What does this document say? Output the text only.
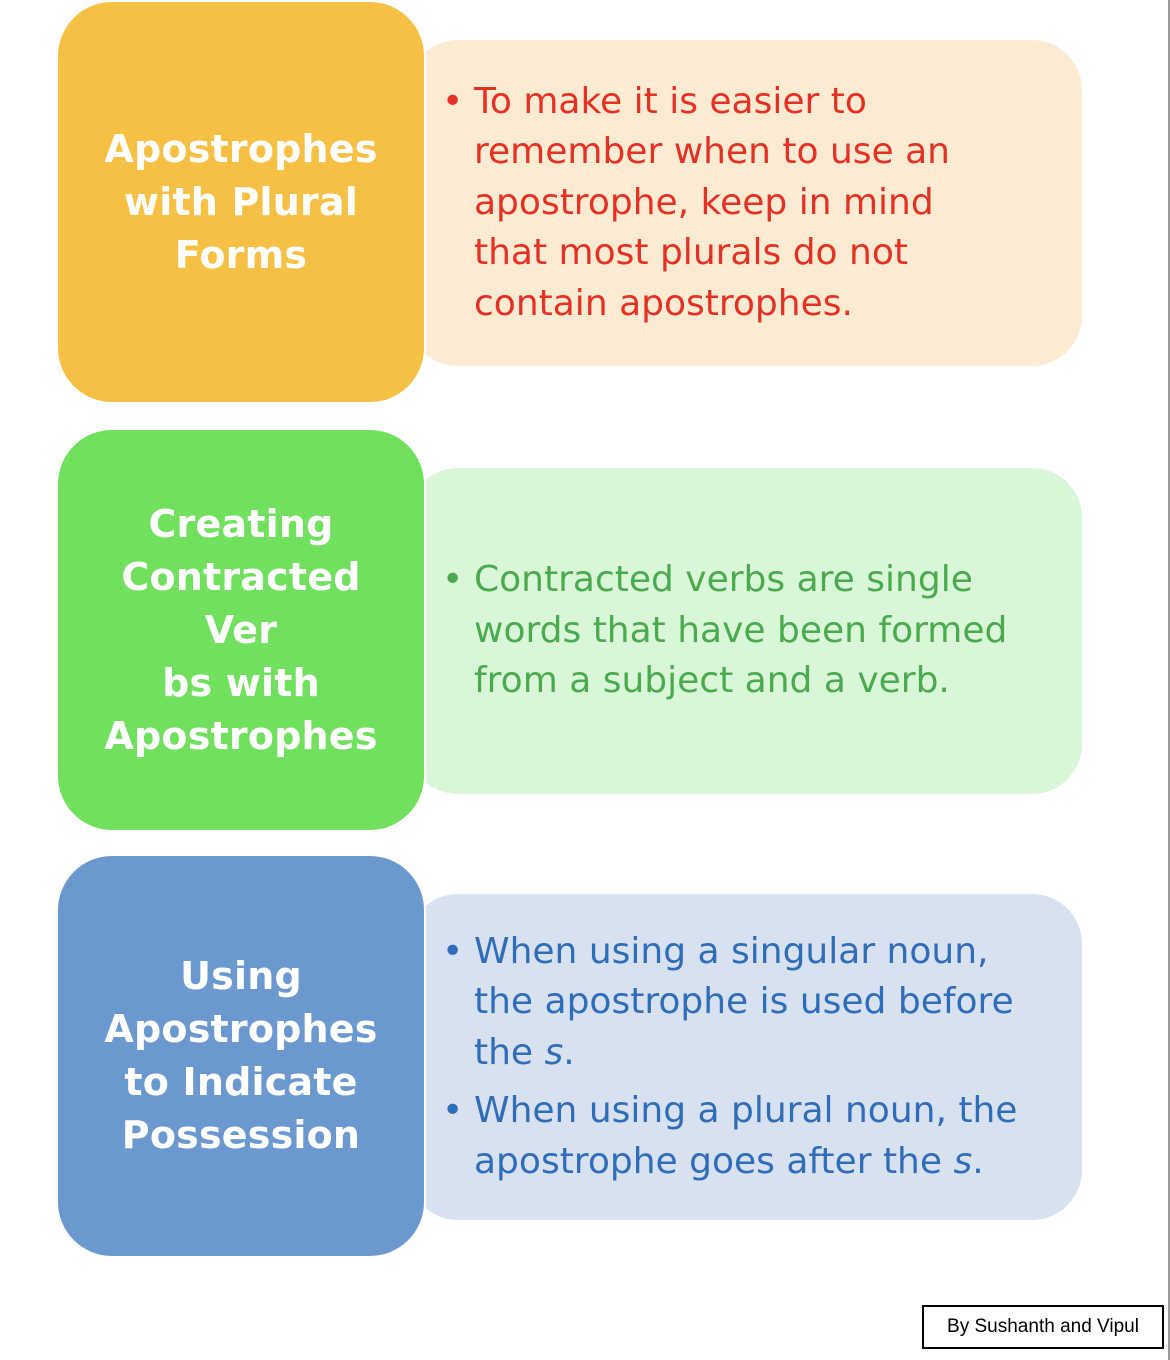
• To make it is easier to
remember when to use an
apostrophe, keep in mind
that most plurals do not
contain apostrophes.
Apostrophes
with Plural
Forms
• Contracted verbs are single
words that have been formed
from a subject and a verb.
Creating
Contracted Ver
bs with
Apostrophes
• When using a singular noun,
the apostrophe is used before
the s.
• When using a plural noun, the
apostrophe goes after the s.
Using
Apostrophes
to Indicate
Possession
By Sushanth and Vipul
